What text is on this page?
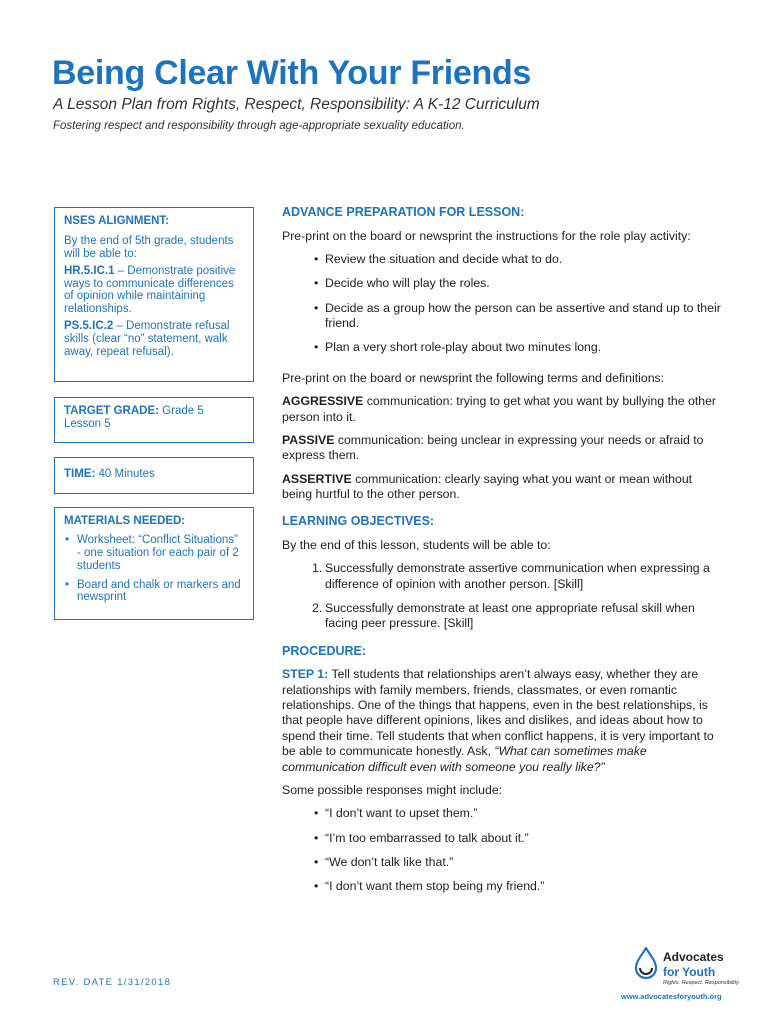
Being Clear With Your Friends
A Lesson Plan from Rights, Respect, Responsibility: A K-12 Curriculum
Fostering respect and responsibility through age-appropriate sexuality education.
NSES ALIGNMENT:

By the end of 5th grade, students will be able to:

HR.5.IC.1 – Demonstrate positive ways to communicate differences of opinion while maintaining relationships.

PS.5.IC.2 – Demonstrate refusal skills (clear “no” statement, walk away, repeat refusal).

TARGET GRADE: Grade 5
Lesson 5
TIME: 40 Minutes
MATERIALS NEEDED:
• Worksheet: “Conflict Situations” - one situation for each pair of 2 students
• Board and chalk or markers and newsprint
ADVANCE PREPARATION FOR LESSON:

Pre-print on the board or newsprint the instructions for the role play activity:

• Review the situation and decide what to do.
• Decide who will play the roles.
• Decide as a group how the person can be assertive and stand up to their friend.
• Plan a very short role-play about two minutes long.

Pre-print on the board or newsprint the following terms and definitions:

AGGRESSIVE communication: trying to get what you want by bullying the other person into it.

PASSIVE communication: being unclear in expressing your needs or afraid to express them.

ASSERTIVE communication: clearly saying what you want or mean without being hurtful to the other person.

LEARNING OBJECTIVES:

By the end of this lesson, students will be able to:

1. Successfully demonstrate assertive communication when expressing a difference of opinion with another person. [Skill]
2. Successfully demonstrate at least one appropriate refusal skill when facing peer pressure. [Skill]
PROCEDURE:

STEP 1: Tell students that relationships aren’t always easy, whether they are relationships with family members, friends, classmates, or even romantic relationships. One of the things that happens, even in the best relationships, is that people have different opinions, likes and dislikes, and ideas about how to spend their time. Tell students that when conflict happens, it is very important to be able to communicate honestly. Ask, “What can sometimes make communication difficult even with someone you really like?”

Some possible responses might include:

• “I don’t want to upset them.”
• “I’m too embarrassed to talk about it.”
• “We don’t talk like that.”
• “I don’t want them stop being my friend.”
REV. DATE 1/31/2018
Advocates
for Youth
Rights. Respect. Responsibility.
www.advocatesforyouth.org
